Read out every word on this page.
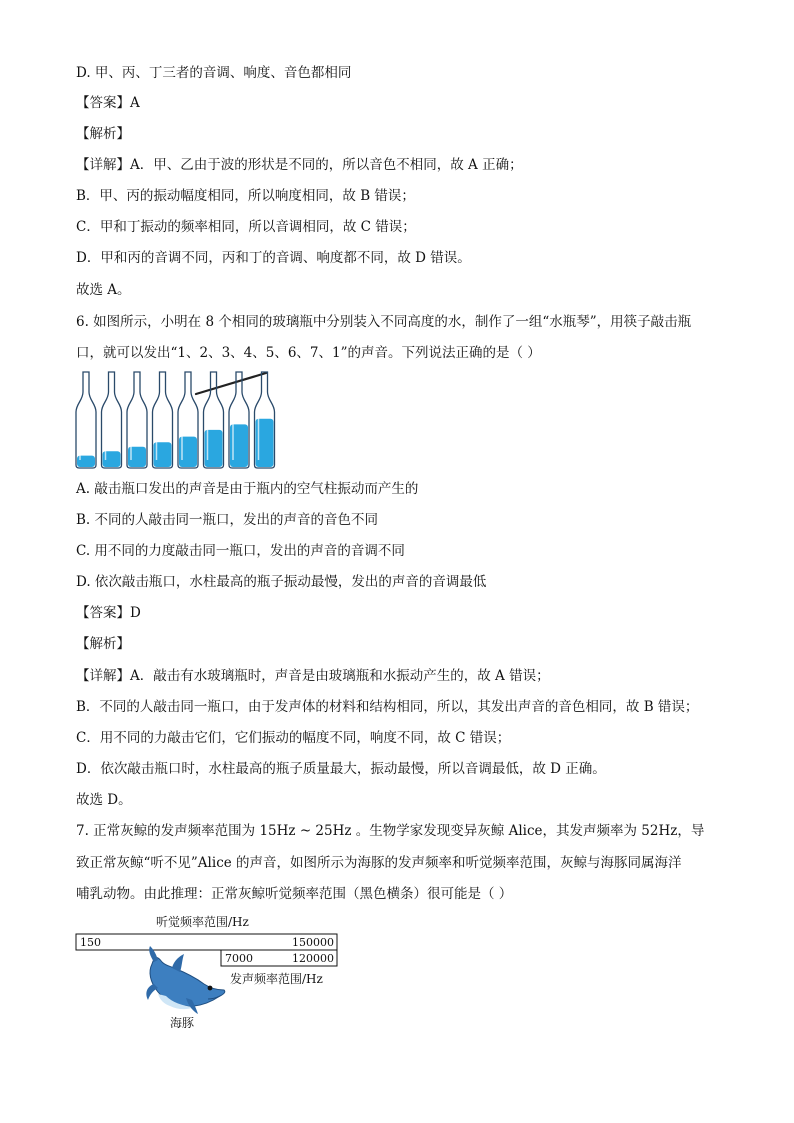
D. 甲、丙、丁三者的音调、响度、音色都相同
【答案】A
【解析】
【详解】A．甲、乙由于波的形状是不同的，所以音色不相同，故 A 正确；
B．甲、丙的振动幅度相同，所以响度相同，故 B 错误；
C．甲和丁振动的频率相同，所以音调相同，故 C 错误；
D．甲和丙的音调不同，丙和丁的音调、响度都不同，故 D 错误。
故选 A。
6. 如图所示，小明在 8 个相同的玻璃瓶中分别装入不同高度的水，制作了一组“水瓶琴”，用筷子敲击瓶
口，就可以发出“1、2、3、4、5、6、7、1”的声音。下列说法正确的是（ ）
A. 敲击瓶口发出的声音是由于瓶内的空气柱振动而产生的
B. 不同的人敲击同一瓶口，发出的声音的音色不同
C. 用不同的力度敲击同一瓶口，发出的声音的音调不同
D. 依次敲击瓶口，水柱最高的瓶子振动最慢，发出的声音的音调最低
【答案】D
【解析】
【详解】A．敲击有水玻璃瓶时，声音是由玻璃瓶和水振动产生的，故 A 错误；
B．不同的人敲击同一瓶口，由于发声体的材料和结构相同，所以，其发出声音的音色相同，故 B 错误；
C．用不同的力敲击它们，它们振动的幅度不同，响度不同，故 C 错误；
D．依次敲击瓶口时，水柱最高的瓶子质量最大，振动最慢，所以音调最低，故 D 正确。
故选 D。
7. 正常灰鲸的发声频率范围为 15Hz ~ 25Hz 。生物学家发现变异灰鲸 Alice，其发声频率为 52Hz，导
致正常灰鲸“听不见”Alice 的声音，如图所示为海豚的发声频率和听觉频率范围，灰鲸与海豚同属海洋
哺乳动物。由此推理：正常灰鲸听觉频率范围（黑色横条）很可能是（ ）
听觉频率范围/Hz
150	150000
7000	120000
发声频率范围/Hz
海豚
